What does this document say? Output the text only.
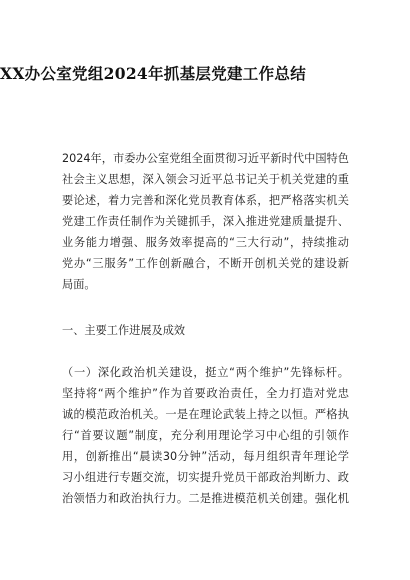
XX办公室党组2024年抓基层党建工作总结
2024年，市委办公室党组全面贯彻习近平新时代中国特色
社会主义思想，深入领会习近平总书记关于机关党建的重
要论述，着力完善和深化党员教育体系，把严格落实机关
党建工作责任制作为关键抓手，深入推进党建质量提升、
业务能力增强、服务效率提高的“三大行动”，持续推动
党办“三服务”工作创新融合，不断开创机关党的建设新
局面。
一、主要工作进展及成效
（一）深化政治机关建设，挺立“两个维护”先锋标杆。
坚持将“两个维护”作为首要政治责任，全力打造对党忠
诚的模范政治机关。一是在理论武装上持之以恒。严格执
行“首要议题”制度，充分利用理论学习中心组的引领作
用，创新推出“晨读30分钟”活动，每月组织青年理论学
习小组进行专题交流，切实提升党员干部政治判断力、政
治领悟力和政治执行力。二是推进模范机关创建。强化机
